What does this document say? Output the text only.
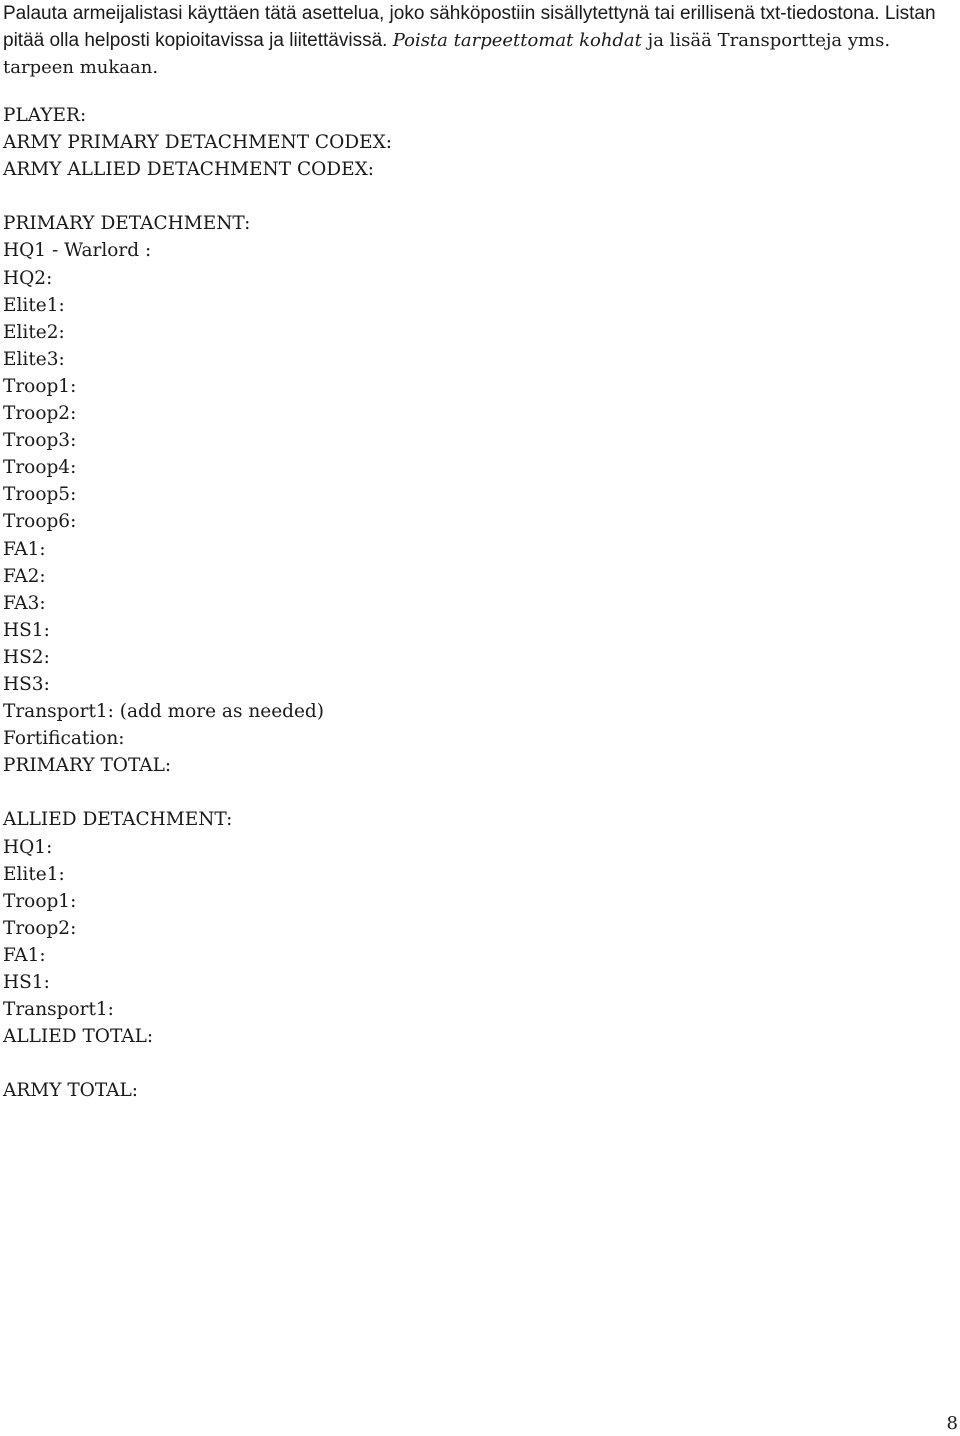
Palauta armeijalistasi käyttäen tätä asettelua, joko sähköpostiin sisällytettynä tai erillisenä txt-tiedostona. Listan pitää olla helposti kopioitavissa ja liitettävissä. Poista tarpeettomat kohdat ja lisää Transportteja yms. tarpeen mukaan.

PLAYER:
ARMY PRIMARY DETACHMENT CODEX:
ARMY ALLIED DETACHMENT CODEX:
PRIMARY DETACHMENT:
HQ1 - Warlord :
HQ2:
Elite1:
Elite2:
Elite3:
Troop1:
Troop2:
Troop3:
Troop4:
Troop5:
Troop6:
FA1:
FA2:
FA3:
HS1:
HS2:
HS3:
Transport1: (add more as needed)
Fortification:
PRIMARY TOTAL:
ALLIED DETACHMENT:
HQ1:
Elite1:
Troop1:
Troop2:
FA1:
HS1:
Transport1:
ALLIED TOTAL:
ARMY TOTAL:
8
